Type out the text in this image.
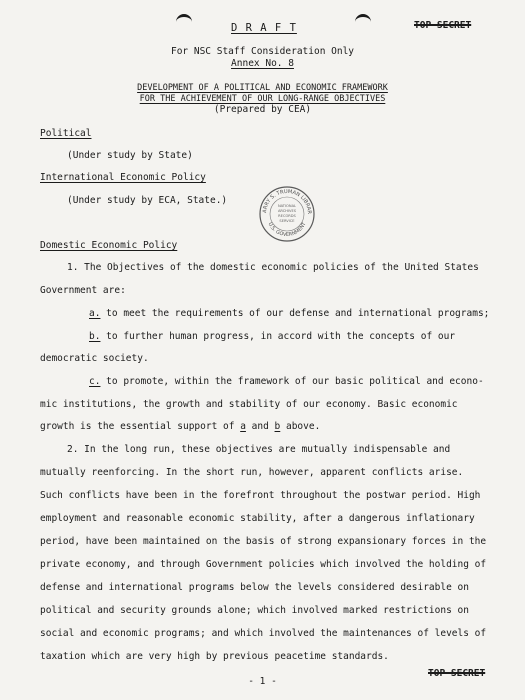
D R A F T	TOP SECRET
For NSC Staff Consideration Only
Annex No. 8
DEVELOPMENT OF A POLITICAL AND ECONOMIC FRAMEWORK
FOR THE ACHIEVEMENT OF OUR LONG-RANGE OBJECTIVES
(Prepared by CEA)
Political
(Under study by State)
International Economic Policy
(Under study by ECA, State.)
ARRY S. TRUMAN LIBRAR
U.S. GOVERNMENT
NATIONAL
ARCHIVES
RECORDS
SERVICE
Domestic Economic Policy
1. The Objectives of the domestic economic policies of the United States
Government are:
a. to meet the requirements of our defense and international programs;
b. to further human progress, in accord with the concepts of our
democratic society.
c. to promote, within the framework of our basic political and econo-
mic institutions, the growth and stability of our economy. Basic economic
growth is the essential support of a and b above.
2. In the long run, these objectives are mutually indispensable and
mutually reenforcing. In the short run, however, apparent conflicts arise.
Such conflicts have been in the forefront throughout the postwar period. High
employment and reasonable economic stability, after a dangerous inflationary
period, have been maintained on the basis of strong expansionary forces in the
private economy, and through Government policies which involved the holding of
defense and international programs below the levels considered desirable on
political and security grounds alone; which involved marked restrictions on
social and economic programs; and which involved the maintenances of levels of
taxation which are very high by previous peacetime standards.
- 1 -
TOP SECRET
